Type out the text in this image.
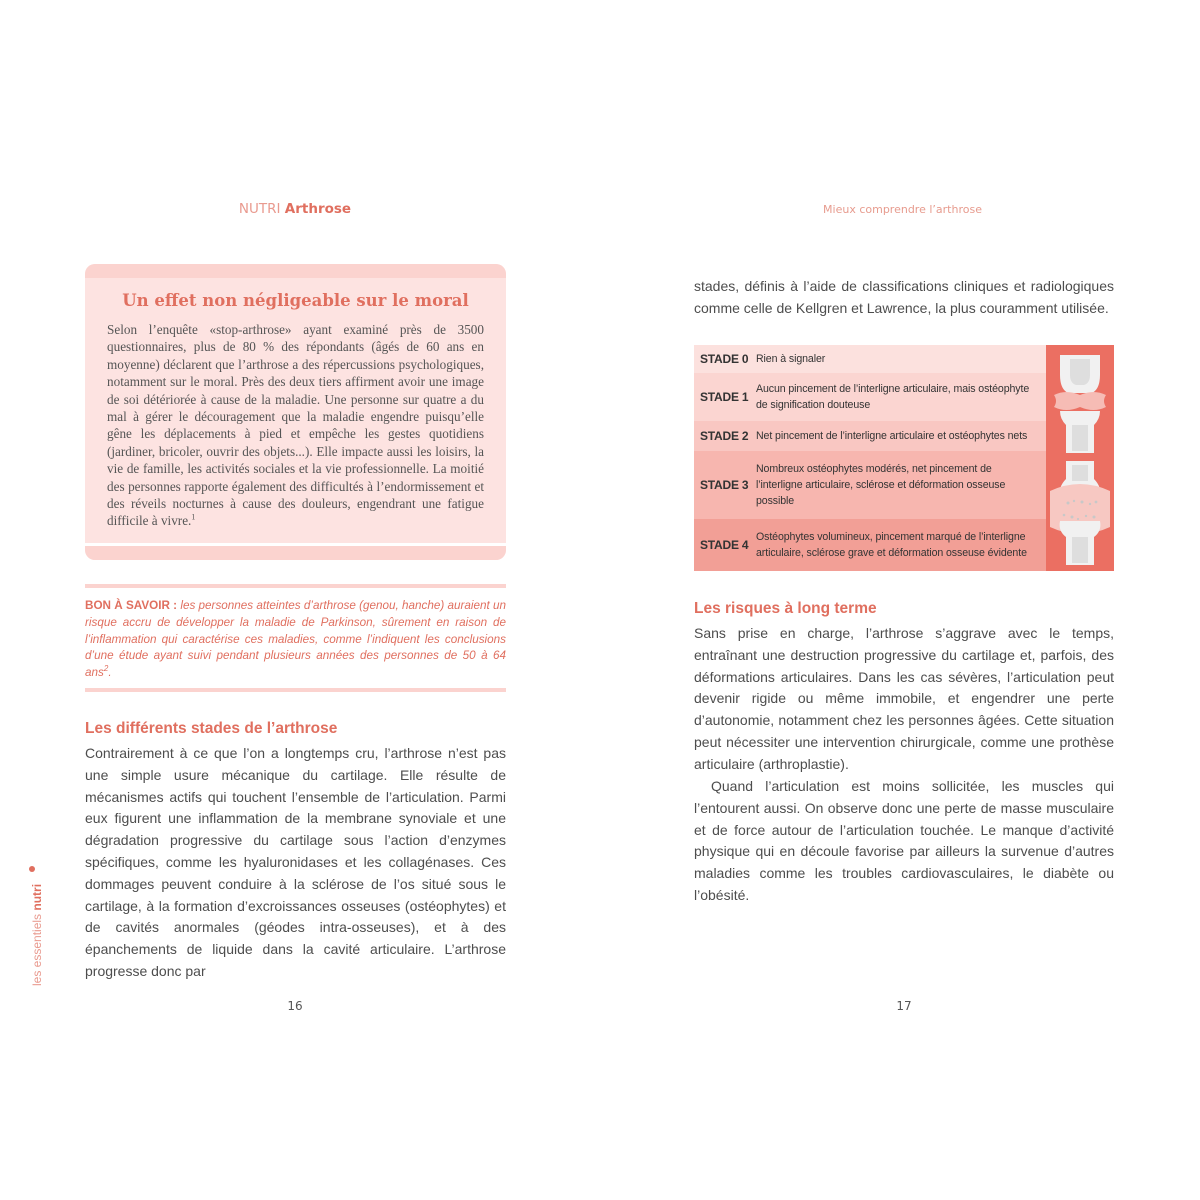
NUTRI Arthrose
Un effet non négligeable sur le moral
Selon l’enquête «stop-arthrose» ayant examiné près de 3500 questionnaires, plus de 80 % des répondants (âgés de 60 ans en moyenne) déclarent que l’arthrose a des répercussions psychologiques, notamment sur le moral. Près des deux tiers affirment avoir une image de soi détériorée à cause de la maladie. Une personne sur quatre a du mal à gérer le découragement que la maladie engendre puisqu’elle gêne les déplacements à pied et empêche les gestes quotidiens (jardiner, bricoler, ouvrir des objets...). Elle impacte aussi les loisirs, la vie de famille, les activités sociales et la vie professionnelle. La moitié des personnes rapporte également des difficultés à l’endormissement et des réveils nocturnes à cause des douleurs, engendrant une fatigue difficile à vivre.$^1$
BON À SAVOIR : les personnes atteintes d’arthrose (genou, hanche) auraient un risque accru de développer la maladie de Parkinson, sûrement en raison de l’inflammation qui caractérise ces maladies, comme l’indiquent les conclusions d’une étude ayant suivi pendant plusieurs années des personnes de 50 à 64 ans$^2$.
Les différents stades de l’arthrose
Contrairement à ce que l’on a longtemps cru, l’arthrose n’est pas une simple usure mécanique du cartilage. Elle résulte de mécanismes actifs qui touchent l’ensemble de l’articulation. Parmi eux figurent une inflammation de la membrane synoviale et une dégradation progressive du cartilage sous l’action d’enzymes spécifiques, comme les hyaluronidases et les collagénases. Ces dommages peuvent conduire à la sclérose de l’os situé sous le cartilage, à la formation d’excroissances osseuses (ostéophytes) et de cavités anormales (géodes intra-osseuses), et à des épanchements de liquide dans la cavité articulaire. L’arthrose progresse donc par
16
les essentiels nutri
Mieux comprendre l’arthrose
stades, définis à l’aide de classifications cliniques et radiologiques comme celle de Kellgren et Lawrence, la plus couramment utilisée.
STADE 0 Rien à signaler
STADE 1
Aucun pincement de l’interligne articulaire, mais ostéophyte de signification douteuse
STADE 2 Net pincement de l’interligne articulaire et ostéophytes nets
STADE 3
Nombreux ostéophytes modérés, net pincement de l’interligne articulaire, sclérose et déformation osseuse possible
STADE 4
Ostéophytes volumineux, pincement marqué de l’interligne articulaire, sclérose grave et déformation osseuse évidente
Les risques à long terme
Sans prise en charge, l’arthrose s’aggrave avec le temps, entraînant une destruction progressive du cartilage et, parfois, des déformations articulaires. Dans les cas sévères, l’articulation peut devenir rigide ou même immobile, et engendrer une perte d’autonomie, notamment chez les personnes âgées. Cette situation peut nécessiter une intervention chirurgicale, comme une prothèse articulaire (arthroplastie).
Quand l’articulation est moins sollicitée, les muscles qui l’entourent aussi. On observe donc une perte de masse musculaire et de force autour de l’articulation touchée. Le manque d’activité physique qui en découle favorise par ailleurs la survenue d’autres maladies comme les troubles cardiovasculaires, le diabète ou l’obésité.
17
